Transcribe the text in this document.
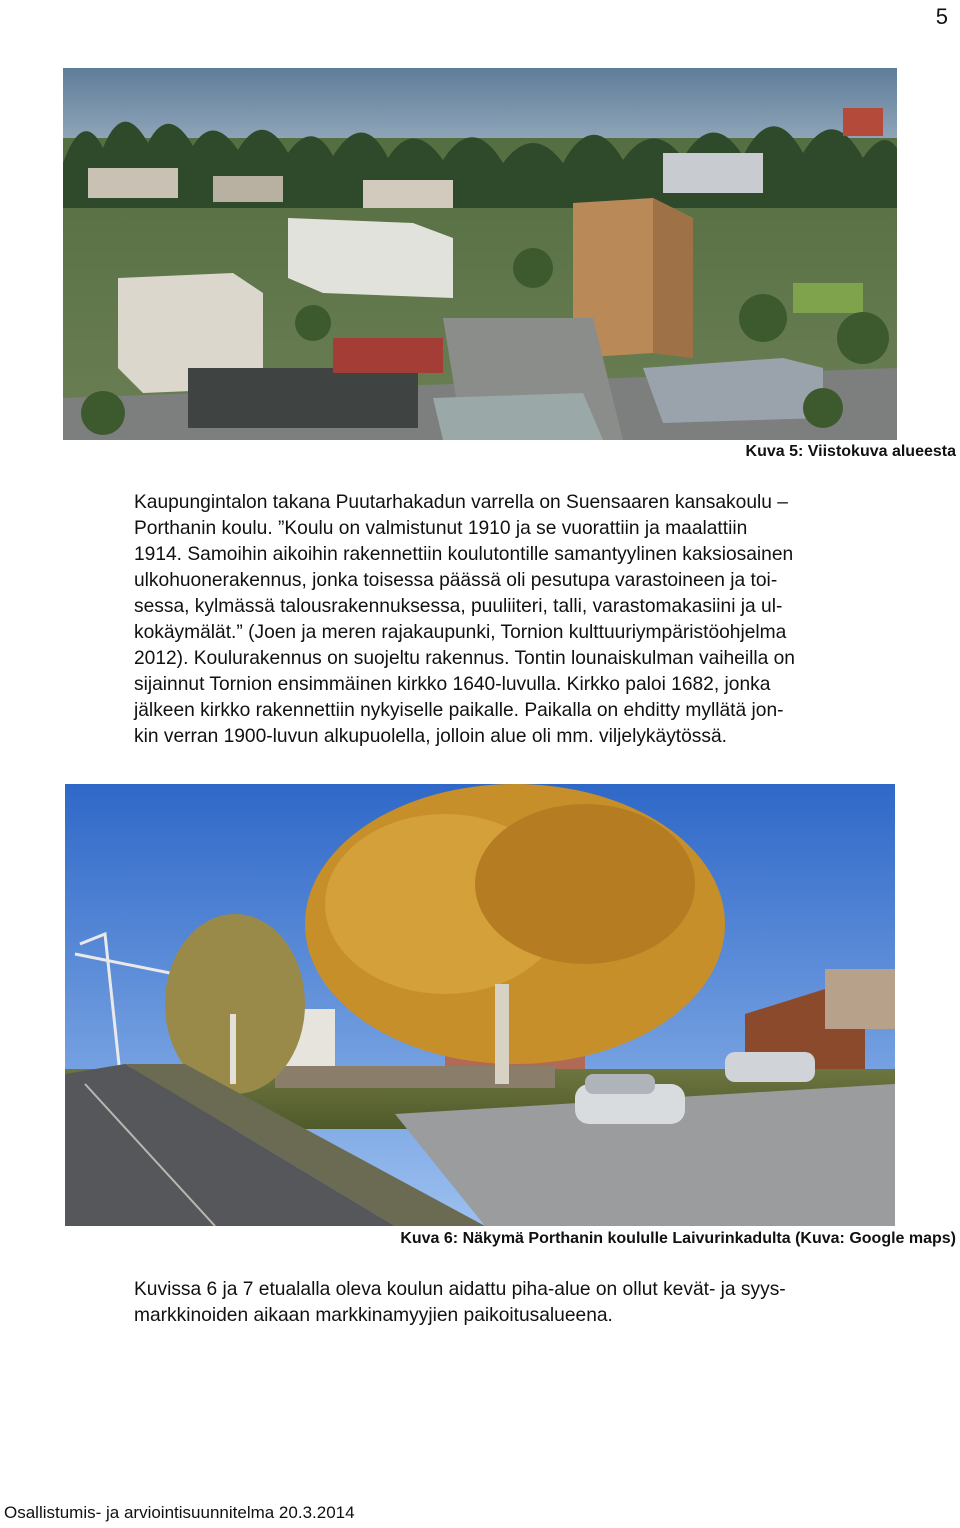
5
Kuva 5: Viistokuva alueesta

Kaupungintalon takana Puutarhakadun varrella on Suensaaren kansakoulu –
Porthanin koulu. ”Koulu on valmistunut 1910 ja se vuorattiin ja maalattiin
1914. Samoihin aikoihin rakennettiin koulutontille samantyylinen kaksiosainen
ulkohuonerakennus, jonka toisessa päässä oli pesutupa varastoineen ja toi-
sessa, kylmässä talousrakennuksessa, puuliiteri, talli, varastomakasiini ja ul-
kokäymälät.” (Joen ja meren rajakaupunki, Tornion kulttuuriympäristöohjelma
2012). Koulurakennus on suojeltu rakennus. Tontin lounaiskulman vaiheilla on
sijainnut Tornion ensimmäinen kirkko 1640-luvulla. Kirkko paloi 1682, jonka
jälkeen kirkko rakennettiin nykyiselle paikalle. Paikalla on ehditty myllätä jon-
kin verran 1900-luvun alkupuolella, jolloin alue oli mm. viljelykäytössä.

Kuva 6: Näkymä Porthanin koululle Laivurinkadulta (Kuva: Google maps)

Kuvissa 6 ja 7 etualalla oleva koulun aidattu piha-alue on ollut kevät- ja syys-
markkinoiden aikaan markkinamyyjien paikoitusalueena.

Osallistumis- ja arviointisuunnitelma 20.3.2014
